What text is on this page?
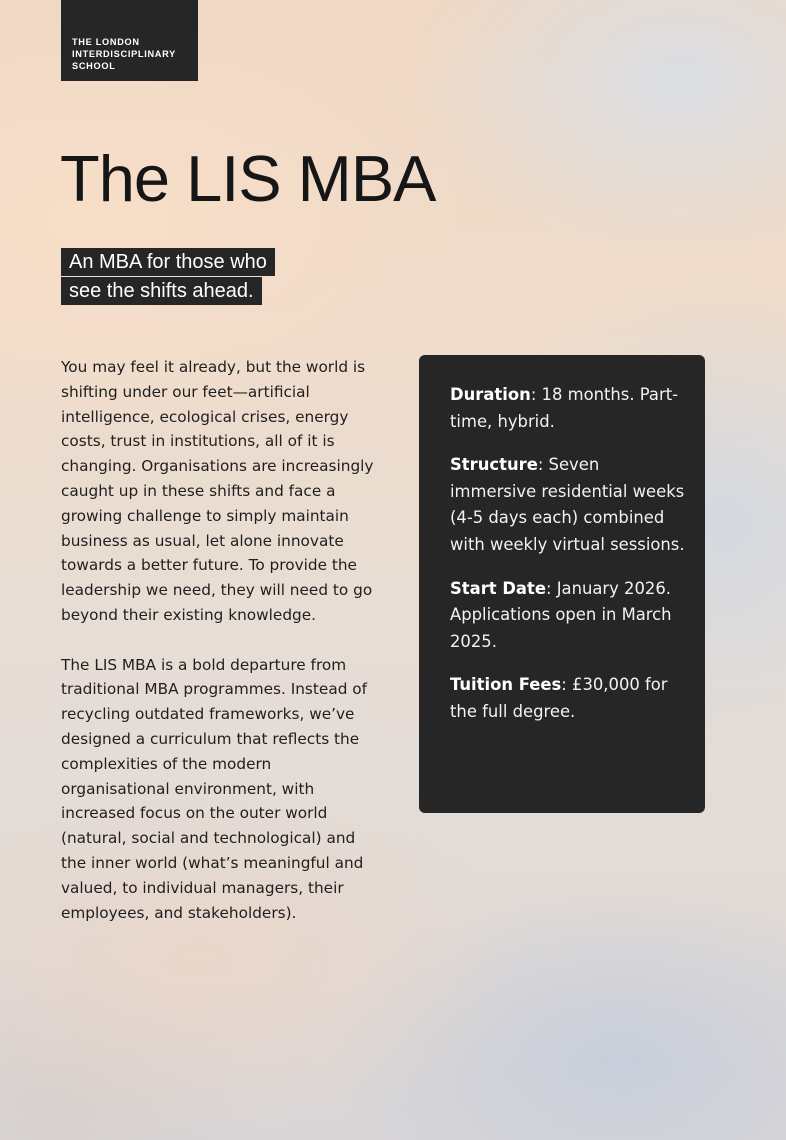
THE LONDON
INTERDISCIPLINARY
SCHOOL
The LIS MBA
An MBA for those who
see the shifts ahead.

You may feel it already, but the world is shifting under our feet—artificial intelligence, ecological crises, energy costs, trust in institutions, all of it is changing. Organisations are increasingly caught up in these shifts and face a growing challenge to simply maintain business as usual, let alone innovate towards a better future. To provide the leadership we need, they will need to go beyond their existing knowledge.

The LIS MBA is a bold departure from traditional MBA programmes. Instead of recycling outdated frameworks, we’ve designed a curriculum that reflects the complexities of the modern organisational environment, with increased focus on the outer world (natural, social and technological) and the inner world (what’s meaningful and valued, to individual managers, their employees, and stakeholders).

Duration: 18 months. Part-time, hybrid.

Structure: Seven immersive residential weeks (4-5 days each) combined with weekly virtual sessions.

Start Date: January 2026. Applications open in March 2025.

Tuition Fees: £30,000 for the full degree.
